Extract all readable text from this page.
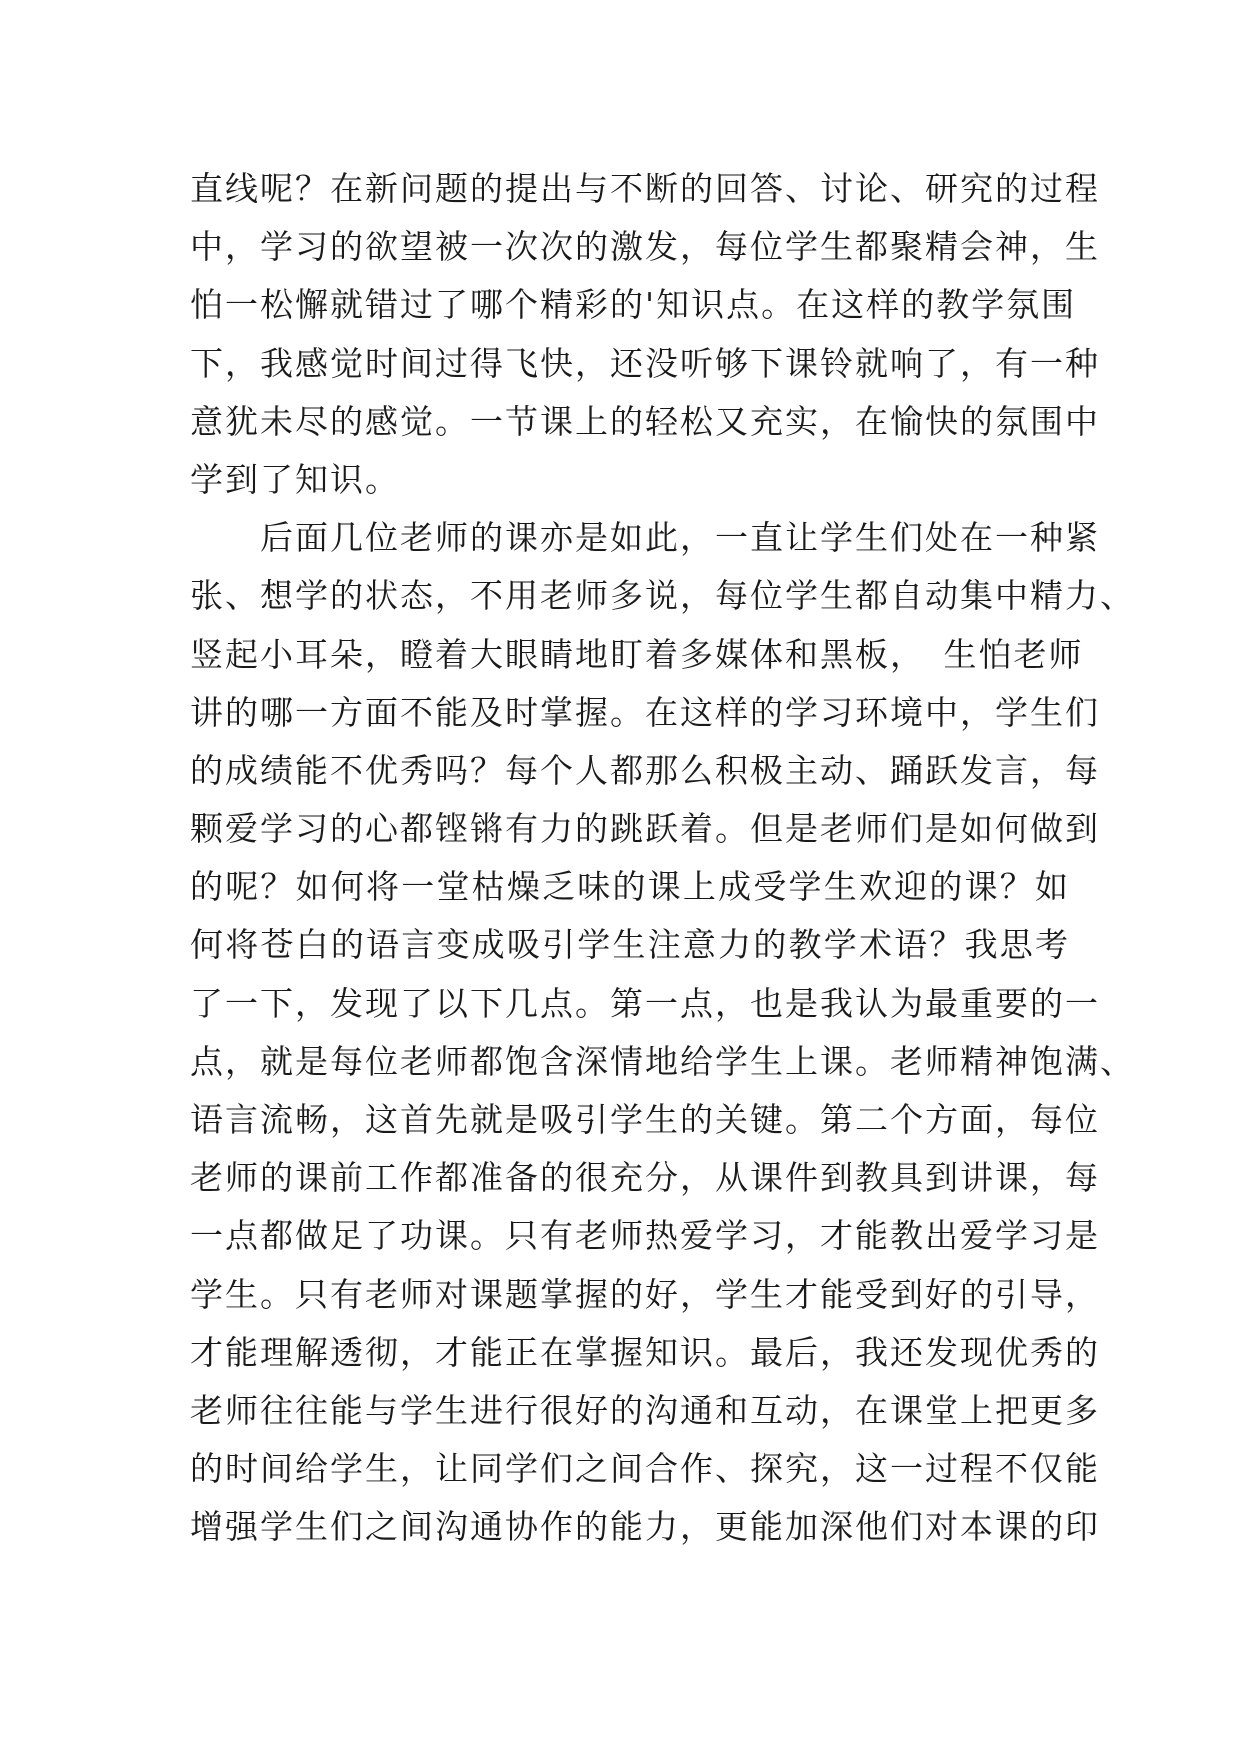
直线呢？在新问题的提出与不断的回答、讨论、研究的过程

中，学习的欲望被一次次的激发，每位学生都聚精会神，生

怕一松懈就错过了哪个精彩的'知识点。在这样的教学氛围

下，我感觉时间过得飞快，还没听够下课铃就响了，有一种

意犹未尽的感觉。一节课上的轻松又充实，在愉快的氛围中

学到了知识。

　　后面几位老师的课亦是如此，一直让学生们处在一种紧

张、想学的状态，不用老师多说，每位学生都自动集中精力、

竖起小耳朵，瞪着大眼睛地盯着多媒体和黑板，　生怕老师

讲的哪一方面不能及时掌握。在这样的学习环境中，学生们

的成绩能不优秀吗？每个人都那么积极主动、踊跃发言，每

颗爱学习的心都铿锵有力的跳跃着。但是老师们是如何做到

的呢？如何将一堂枯燥乏味的课上成受学生欢迎的课？如

何将苍白的语言变成吸引学生注意力的教学术语？我思考

了一下，发现了以下几点。第一点，也是我认为最重要的一

点，就是每位老师都饱含深情地给学生上课。老师精神饱满、

语言流畅，这首先就是吸引学生的关键。第二个方面，每位

老师的课前工作都准备的很充分，从课件到教具到讲课，每

一点都做足了功课。只有老师热爱学习，才能教出爱学习是

学生。只有老师对课题掌握的好，学生才能受到好的引导，

才能理解透彻，才能正在掌握知识。最后，我还发现优秀的

老师往往能与学生进行很好的沟通和互动，在课堂上把更多

的时间给学生，让同学们之间合作、探究，这一过程不仅能

增强学生们之间沟通协作的能力，更能加深他们对本课的印
